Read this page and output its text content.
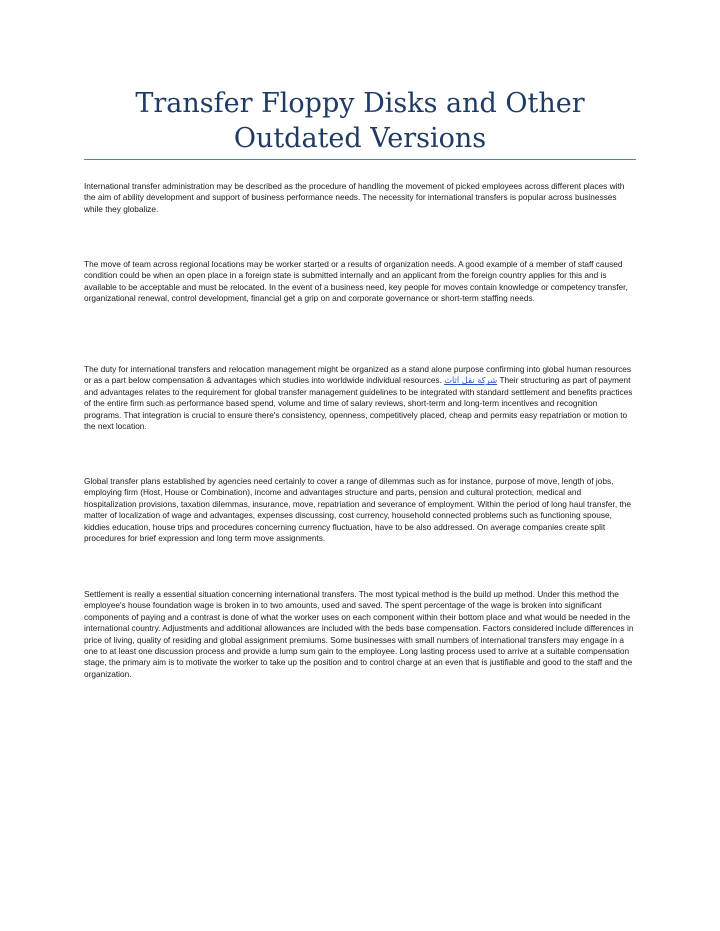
Transfer Floppy Disks and Other Outdated Versions

International transfer administration may be described as the procedure of handling the movement of picked employees across different places with the aim of ability development and support of business performance needs. The necessity for international transfers is popular across businesses while they globalize.

The move of team across regional locations may be worker started or a results of organization needs. A good example of a member of staff caused condition could be when an open place in a foreign state is submitted internally and an applicant from the foreign country applies for this and is available to be acceptable and must be relocated. In the event of a business need, key people for moves contain knowledge or competency transfer, organizational renewal, control development, financial get a grip on and corporate governance or short-term staffing needs.

The duty for international transfers and relocation management might be organized as a stand alone purpose confirming into global human resources or as a part below compensation & advantages which studies into worldwide individual resources. شركة نقل اثاث Their structuring as part of payment and advantages relates to the requirement for global transfer management guidelines to be integrated with standard settlement and benefits practices of the entire firm such as performance based spend, volume and time of salary reviews, short-term and long-term incentives and recognition programs. That integration is crucial to ensure there's consistency, openness, competitively placed, cheap and permits easy repatriation or motion to the next location.

Global transfer plans established by agencies need certainly to cover a range of dilemmas such as for instance, purpose of move, length of jobs, employing firm (Host, House or Combination), income and advantages structure and parts, pension and cultural protection, medical and hospitalization provisions, taxation dilemmas, insurance, move, repatriation and severance of employment. Within the period of long haul transfer, the matter of localization of wage and advantages, expenses discussing, cost currency, household connected problems such as functioning spouse, kiddies education, house trips and procedures concerning currency fluctuation, have to be also addressed. On average companies create split procedures for brief expression and long term move assignments.

Settlement is really a essential situation concerning international transfers. The most typical method is the build up method. Under this method the employee's house foundation wage is broken in to two amounts, used and saved. The spent percentage of the wage is broken into significant components of paying and a contrast is done of what the worker uses on each component within their bottom place and what would be needed in the international country. Adjustments and additional allowances are included with the beds base compensation. Factors considered include differences in price of living, quality of residing and global assignment premiums. Some businesses with small numbers of international transfers may engage in a one to at least one discussion process and provide a lump sum gain to the employee. Long lasting process used to arrive at a suitable compensation stage, the primary aim is to motivate the worker to take up the position and to control charge at an even that is justifiable and good to the staff and the organization.
